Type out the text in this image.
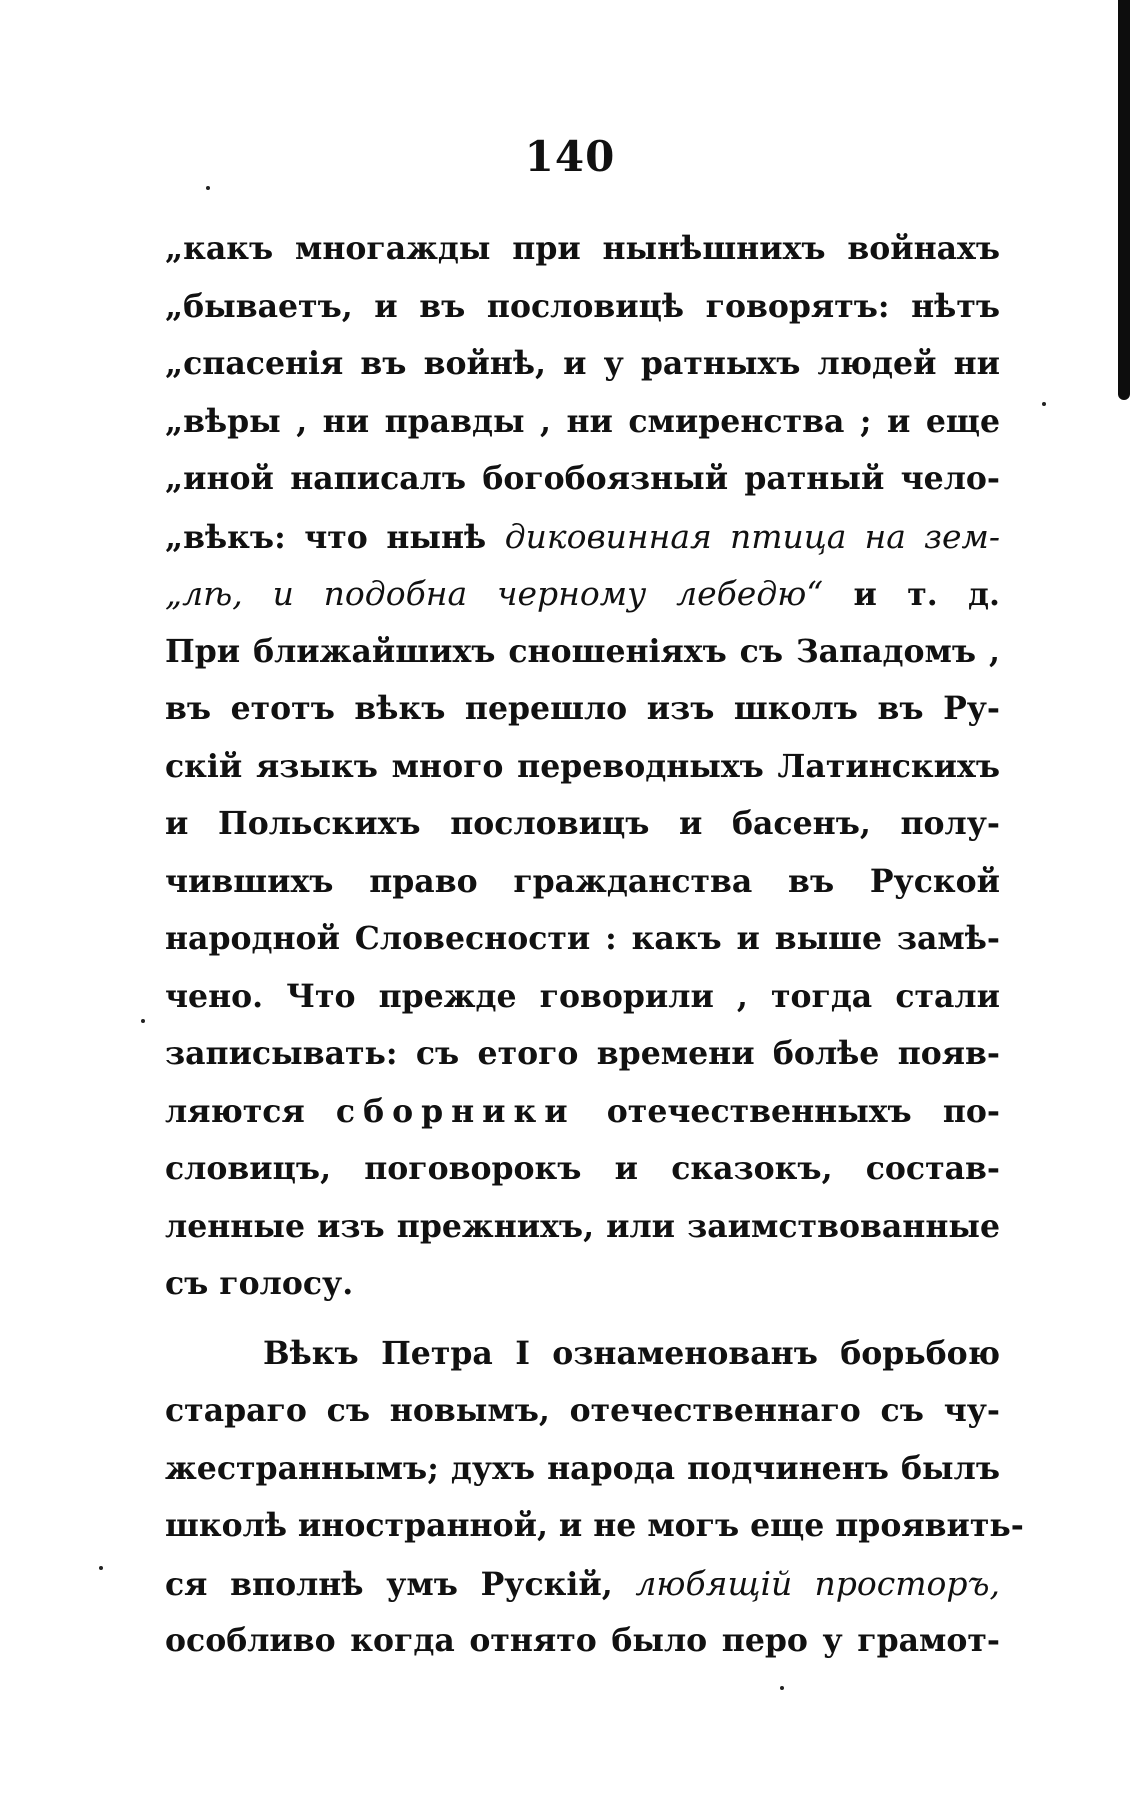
140
„какъ многажды при нынѣшнихъ войнахъ
„бываетъ, и въ пословицѣ говорятъ: нѣтъ
„спасенія въ войнѣ, и у ратныхъ людей ни
„вѣры , ни правды , ни смиренства ; и еще
„иной написалъ богобоязный ратный чело-
„вѣкъ: что нынѣ диковинная птица на зем-
„лѣ, и подобна черному лебедю“ и т. д.
При ближайшихъ сношеніяхъ съ Западомъ ,
въ етотъ вѣкъ перешло изъ школъ въ Ру-
скій языкъ много переводныхъ Латинскихъ
и Польскихъ пословицъ и басенъ, полу-
чившихъ право гражданства въ Руской
народной Словесности : какъ и выше замѣ-
чено. Что прежде говорили , тогда стали
записывать: съ етого времени болѣе появ-
ляются сборники отечественныхъ по-
словицъ, поговорокъ и сказокъ, состав-
ленные изъ прежнихъ, или заимствованные
съ голосу.
Вѣкъ Петра I ознаменованъ борьбою
стараго съ новымъ, отечественнаго съ чу-
жестраннымъ; духъ народа подчиненъ былъ
школѣ иностранной, и не могъ еще проявить-
ся вполнѣ умъ Рускій, любящій просторъ,
особливо когда отнято было перо у грамот-
